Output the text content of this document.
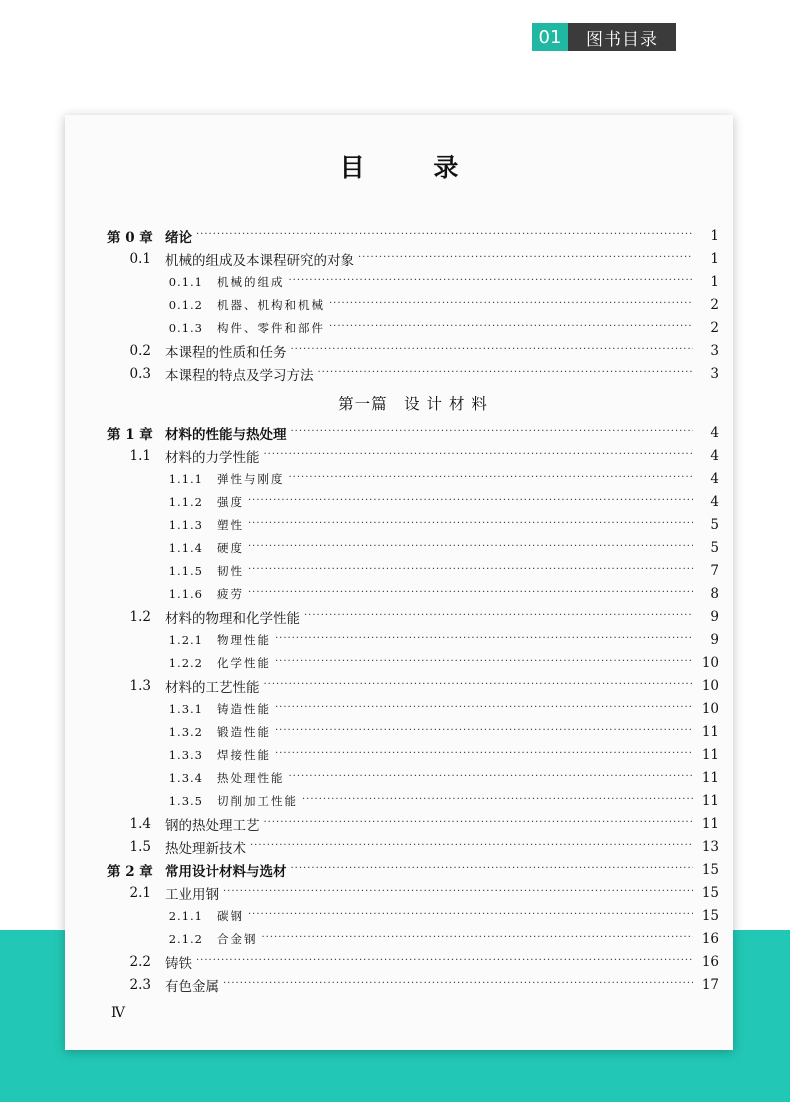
01	图书目录
目 录
第 0 章 绪论 ·····	1
0.1 机械的组成及本课程研究的对象 ·····	1
0.1.1 机械的组成 ·····	1
0.1.2 机器、机构和机械 ·····	2
0.1.3 构件、零件和部件 ·····	2
0.2 本课程的性质和任务 ·····	3
0.3 本课程的特点及学习方法 ·····	3
第一篇　设 计 材 料
第 1 章 材料的性能与热处理 ·····	4
1.1 材料的力学性能 ·····	4
1.1.1 弹性与刚度 ·····	4
1.1.2 强度 ·····	4
1.1.3 塑性 ·····	5
1.1.4 硬度 ·····	5
1.1.5 韧性 ·····	7
1.1.6 疲劳 ·····	8
1.2 材料的物理和化学性能 ·····	9
1.2.1 物理性能 ·····	9
1.2.2 化学性能 ·····	10
1.3 材料的工艺性能 ·····	10
1.3.1 铸造性能 ·····	10
1.3.2 锻造性能 ·····	11
1.3.3 焊接性能 ·····	11
1.3.4 热处理性能 ·····	11
1.3.5 切削加工性能 ·····	11
1.4 钢的热处理工艺 ·····	11
1.5 热处理新技术 ·····	13
第 2 章 常用设计材料与选材 ·····	15
2.1 工业用钢 ·····	15
2.1.1 碳钢 ·····	15
2.1.2 合金钢 ·····	16
2.2 铸铁 ·····	16
2.3 有色金属 ·····	17
Ⅳ
